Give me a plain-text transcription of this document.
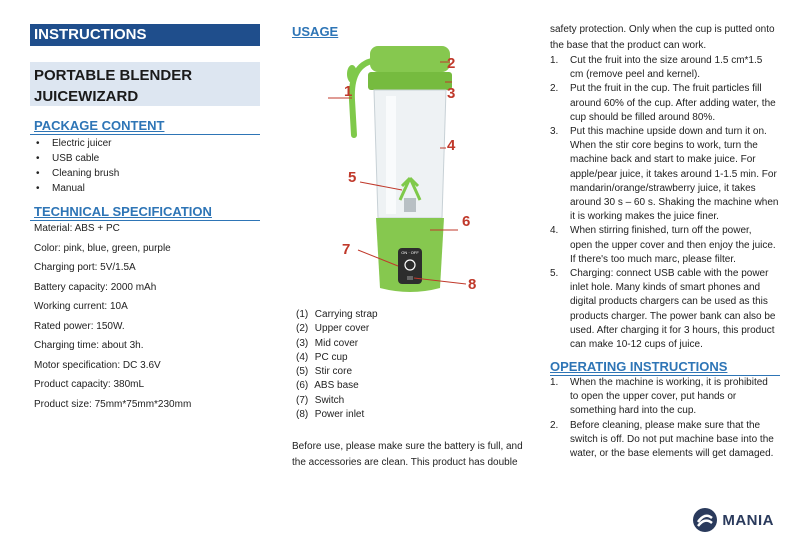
INSTRUCTIONS
PORTABLE BLENDER
JUICEWIZARD
PACKAGE CONTENT
• Electric juicer
• USB cable
• Cleaning brush
• Manual
TECHNICAL SPECIFICATION
Material: ABS + PC
Color: pink, blue, green, purple
Charging port: 5V/1.5A
Battery capacity: 2000 mAh
Working current: 10A
Rated power: 150W.
Charging time: about 3h.
Motor specification: DC 3.6V
Product capacity: 380mL
Product size: 75mm*75mm*230mm
USAGE
ON · OFF
1
2
3
4
5
6
7
8
(1) Carrying strap
(2) Upper cover
(3) Mid cover
(4) PC cup
(5) Stir core
(6) ABS base
(7) Switch
(8) Power inlet
Before use, please make sure the battery is full, and
the accessories are clean. This product has double
safety protection. Only when the cup is putted onto
the base that the product can work.
1. Cut the fruit into the size around 1.5 cm*1.5
cm (remove peel and kernel).
2. Put the fruit in the cup. The fruit particles fill
around 60% of the cup. After adding water, the
cup should be filled around 80%.
3. Put this machine upside down and turn it on.
When the stir core begins to work, turn the
machine back and start to make juice. For
apple/pear juice, it takes around 1-1.5 min. For
mandarin/orange/strawberry juice, it takes
around 30 s – 60 s. Shaking the machine when
it is working makes the juice finer.
4. When stirring finished, turn off the power,
open the upper cover and then enjoy the juice.
If there's too much marc, please filter.
5. Charging: connect USB cable with the power
inlet hole. Many kinds of smart phones and
digital products chargers can be used as this
products charger. The power bank can also be
used. After charging it for 3 hours, this product
can make 10-12 cups of juice.
OPERATING INSTRUCTIONS
1. When the machine is working, it is prohibited
to open the upper cover, put hands or
something hard into the cup.
2. Before cleaning, please make sure that the
switch is off. Do not put machine base into the
water, or the base elements will get damaged.
MANIA
